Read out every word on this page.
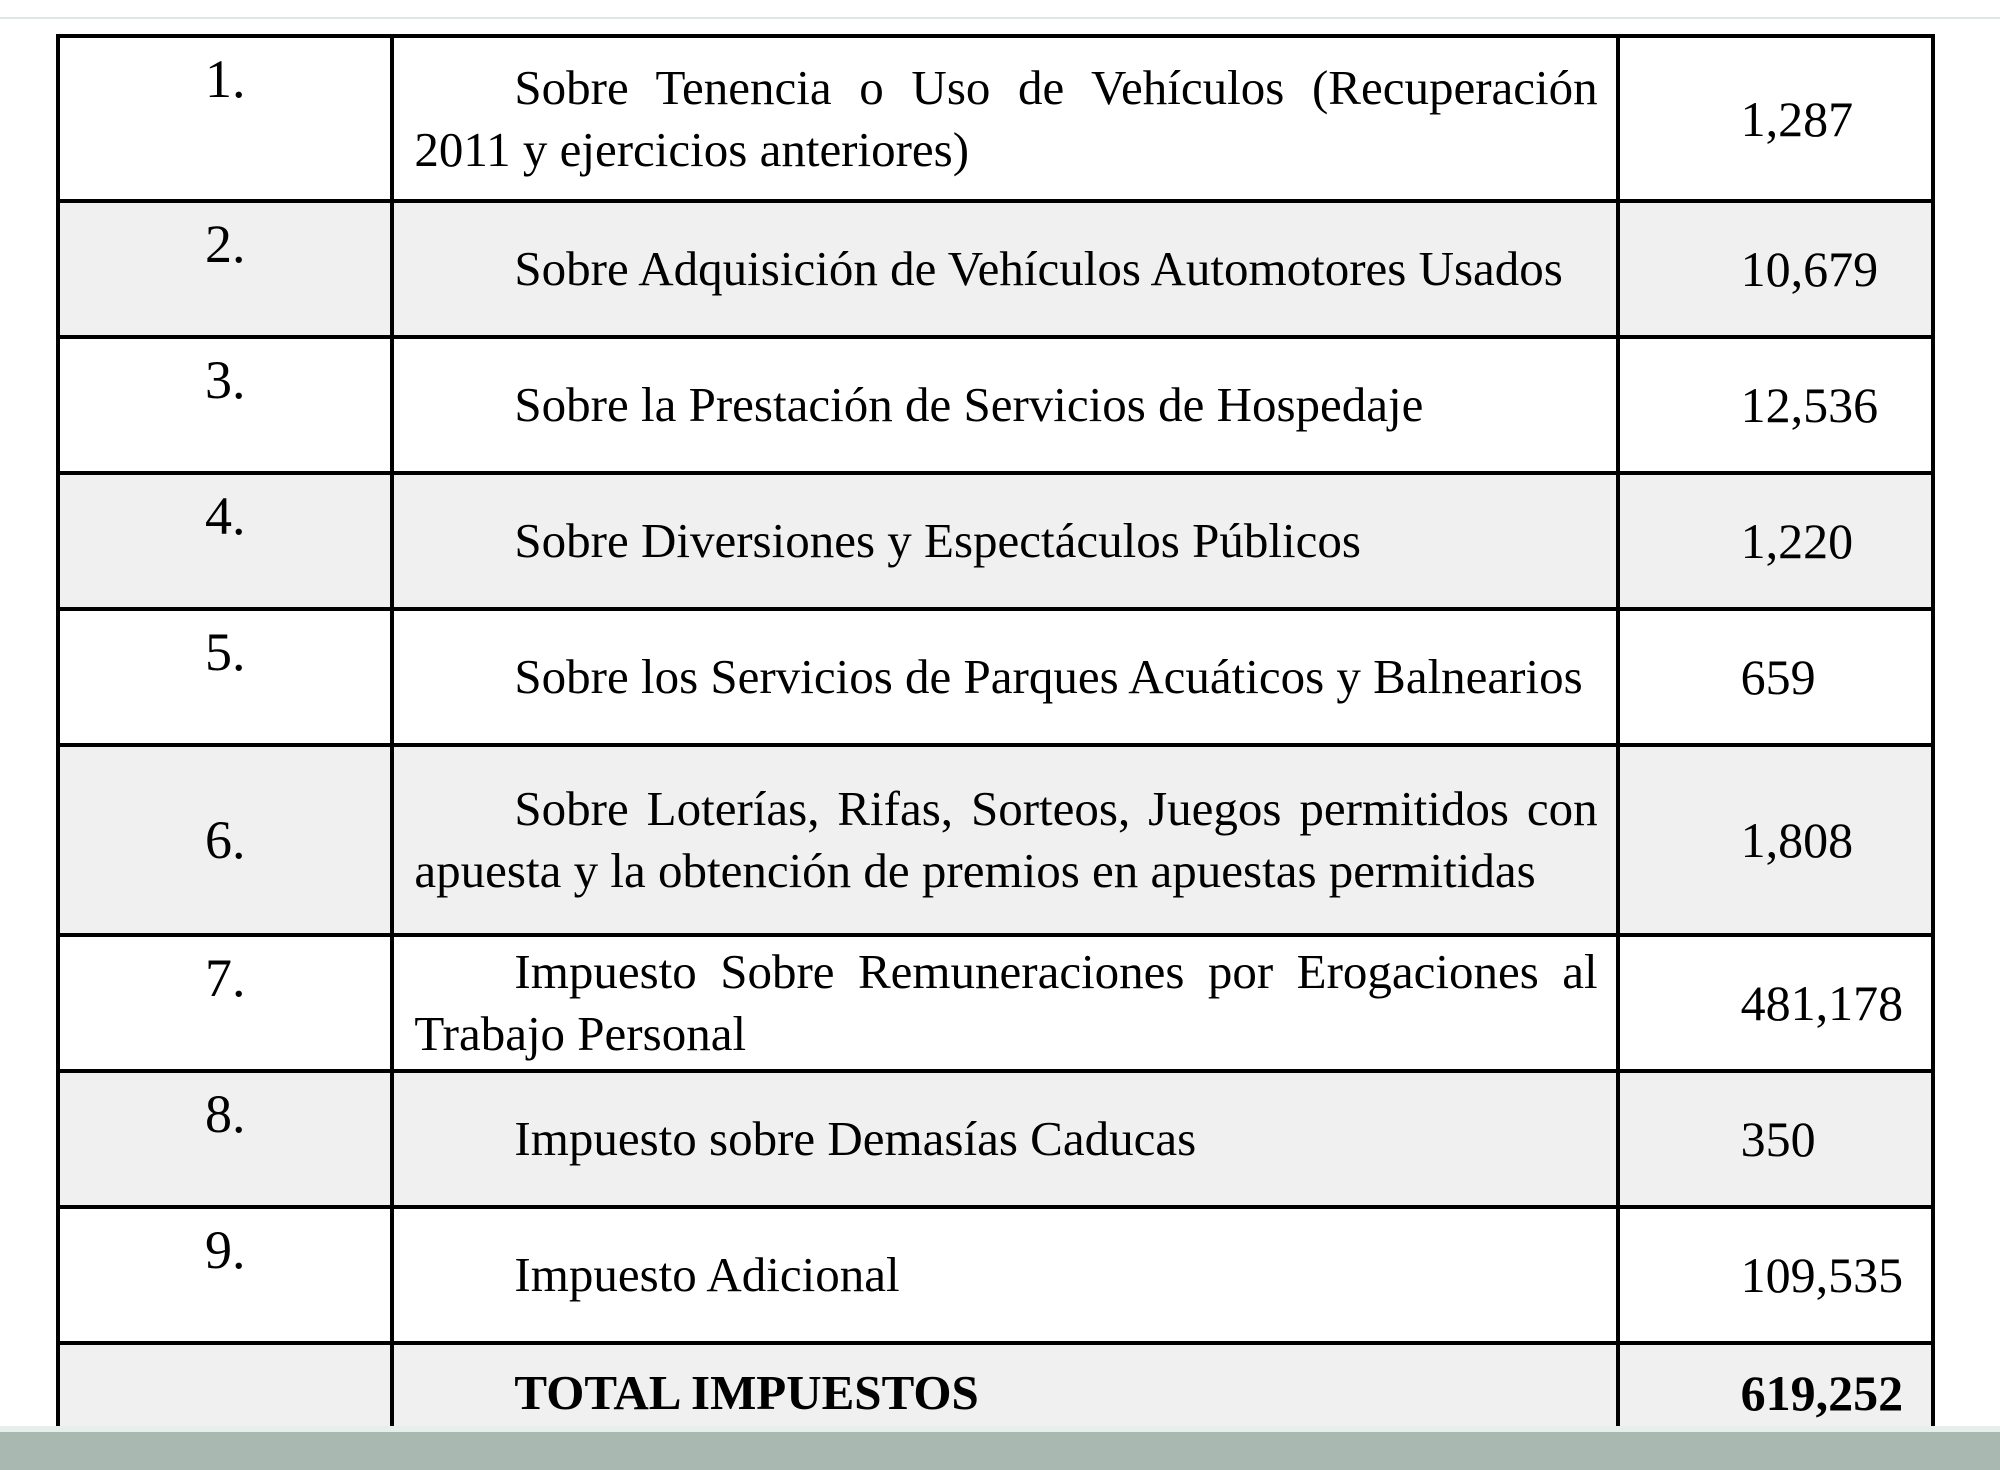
1.	Sobre Tenencia o Uso de Vehículos (Recuperación 2011 y ejercicios anteriores)	1,287
2.	Sobre Adquisición de Vehículos Automotores Usados	10,679
3.	Sobre la Prestación de Servicios de Hospedaje	12,536
4.	Sobre Diversiones y Espectáculos Públicos	1,220
5.	Sobre los Servicios de Parques Acuáticos y Balnearios	659
6.	Sobre Loterías, Rifas, Sorteos, Juegos permitidos con apuesta y la obtención de premios en apuestas permitidas	1,808
7.	Impuesto Sobre Remuneraciones por Erogaciones al Trabajo Personal	481,178
8.	Impuesto sobre Demasías Caducas	350
9.	Impuesto Adicional	109,535

	TOTAL IMPUESTOS	619,252
